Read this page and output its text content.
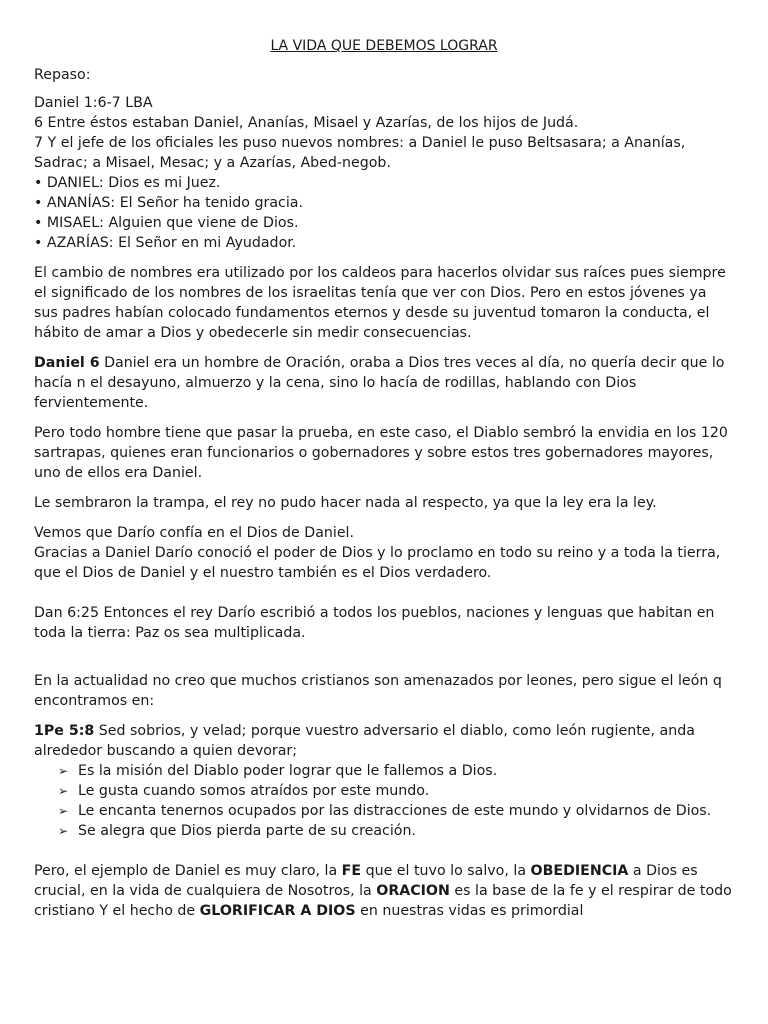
LA VIDA QUE DEBEMOS LOGRAR

Repaso:

Daniel 1:6-7 LBA

6 Entre éstos estaban Daniel, Ananías, Misael y Azarías, de los hijos de Judá.

7 Y el jefe de los oficiales les puso nuevos nombres: a Daniel le puso Beltsasara; a Ananías, Sadrac; a Misael, Mesac; y a Azarías, Abed-negob.

• DANIEL: Dios es mi Juez.
• ANANÍAS: El Señor ha tenido gracia.
• MISAEL: Alguien que viene de Dios.
• AZARÍAS: El Señor en mi Ayudador.

El cambio de nombres era utilizado por los caldeos para hacerlos olvidar sus raíces pues siempre el significado de los nombres de los israelitas tenía que ver con Dios. Pero en estos jóvenes ya sus padres habían colocado fundamentos eternos y desde su juventud tomaron la conducta, el hábito de amar a Dios y obedecerle sin medir consecuencias.

Daniel 6 Daniel era un hombre de Oración, oraba a Dios tres veces al día, no quería decir que lo hacía n el desayuno, almuerzo y la cena, sino lo hacía de rodillas, hablando con Dios fervientemente.

Pero todo hombre tiene que pasar la prueba, en este caso, el Diablo sembró la envidia en los 120 sartrapas, quienes eran funcionarios o gobernadores y sobre estos tres gobernadores mayores, uno de ellos era Daniel.

Le sembraron la trampa, el rey no pudo hacer nada al respecto, ya que la ley era la ley.

Vemos que Darío confía en el Dios de Daniel.

Gracias a Daniel Darío conoció el poder de Dios y lo proclamo en todo su reino y a toda la tierra, que el Dios de Daniel y el nuestro también es el Dios verdadero.

Dan 6:25 Entonces el rey Darío escribió a todos los pueblos, naciones y lenguas que habitan en toda la tierra: Paz os sea multiplicada.

En la actualidad no creo que muchos cristianos son amenazados por leones, pero sigue el león q encontramos en:

1Pe 5:8 Sed sobrios, y velad; porque vuestro adversario el diablo, como león rugiente, anda alrededor buscando a quien devorar;

➢ Es la misión del Diablo poder lograr que le fallemos a Dios.
➢ Le gusta cuando somos atraídos por este mundo.
➢ Le encanta tenernos ocupados por las distracciones de este mundo y olvidarnos de Dios.
➢ Se alegra que Dios pierda parte de su creación.

Pero, el ejemplo de Daniel es muy claro, la FE que el tuvo lo salvo, la OBEDIENCIA a Dios es crucial, en la vida de cualquiera de Nosotros, la ORACION es la base de la fe y el respirar de todo cristiano Y el hecho de GLORIFICAR A DIOS en nuestras vidas es primordial
